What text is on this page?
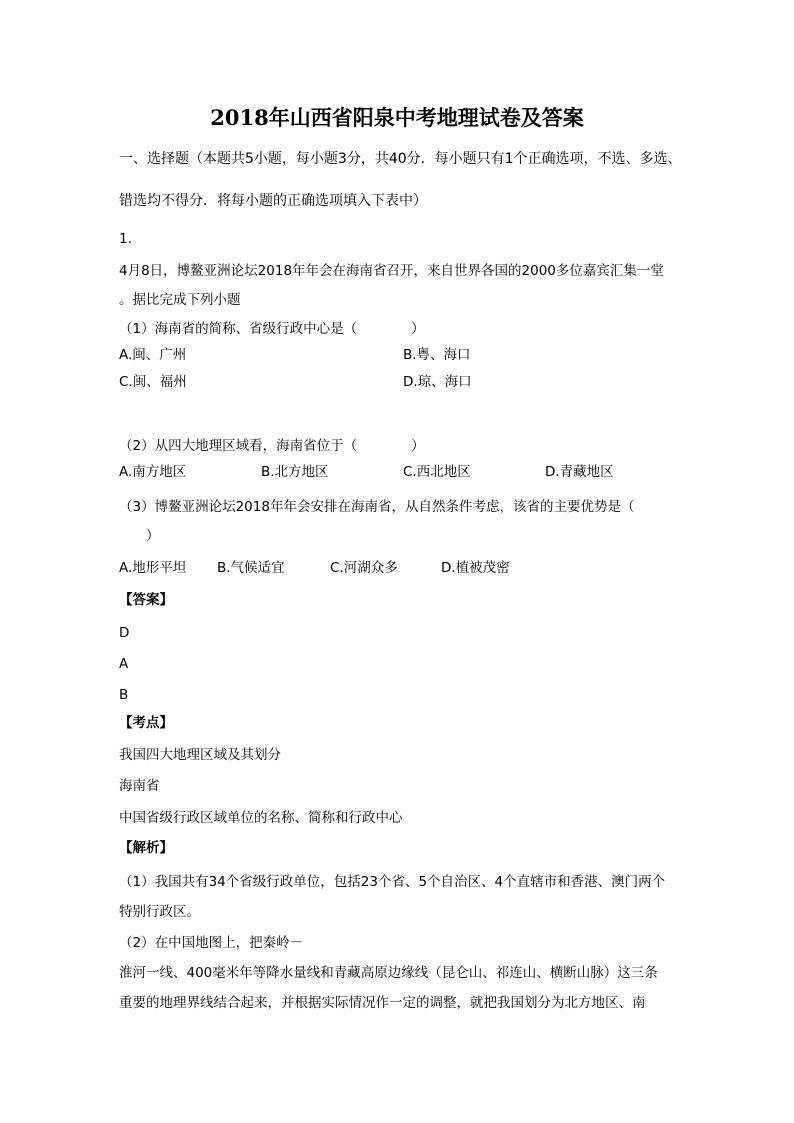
2018年山西省阳泉中考地理试卷及答案
一、选择题（本题共5小题，每小题3分，共40分．每小题只有1个正确选项，不选、多选、
错选均不得分．将每小题的正确选项填入下表中）
1.
4月8日，博鳌亚洲论坛2018年年会在海南省召开，来自世界各国的2000多位嘉宾汇集一堂
。据比完成下列小题
（1）海南省的简称、省级行政中心是（　　　　）
A.闽、广州	B.粤、海口
C.闽、福州	D.琼、海口
（2）从四大地理区域看，海南省位于（　　　　）
A.南方地区	B.北方地区	C.西北地区	D.青藏地区
（3）博鳌亚洲论坛2018年年会安排在海南省，从自然条件考虑，该省的主要优势是（
）
A.地形平坦 B.气候适宜	C.河湖众多	D.植被茂密
【答案】
D
A
B
【考点】
我国四大地理区域及其划分
海南省
中国省级行政区域单位的名称、简称和行政中心
【解析】
（1）我国共有34个省级行政单位，包括23个省、5个自治区、4个直辖市和香港、澳门两个
特别行政区。
（2）在中国地图上，把秦岭－
淮河一线、400毫米年等降水量线和青藏高原边缘线（昆仑山、祁连山、横断山脉）这三条
重要的地理界线结合起来，并根据实际情况作一定的调整，就把我国划分为北方地区、南
